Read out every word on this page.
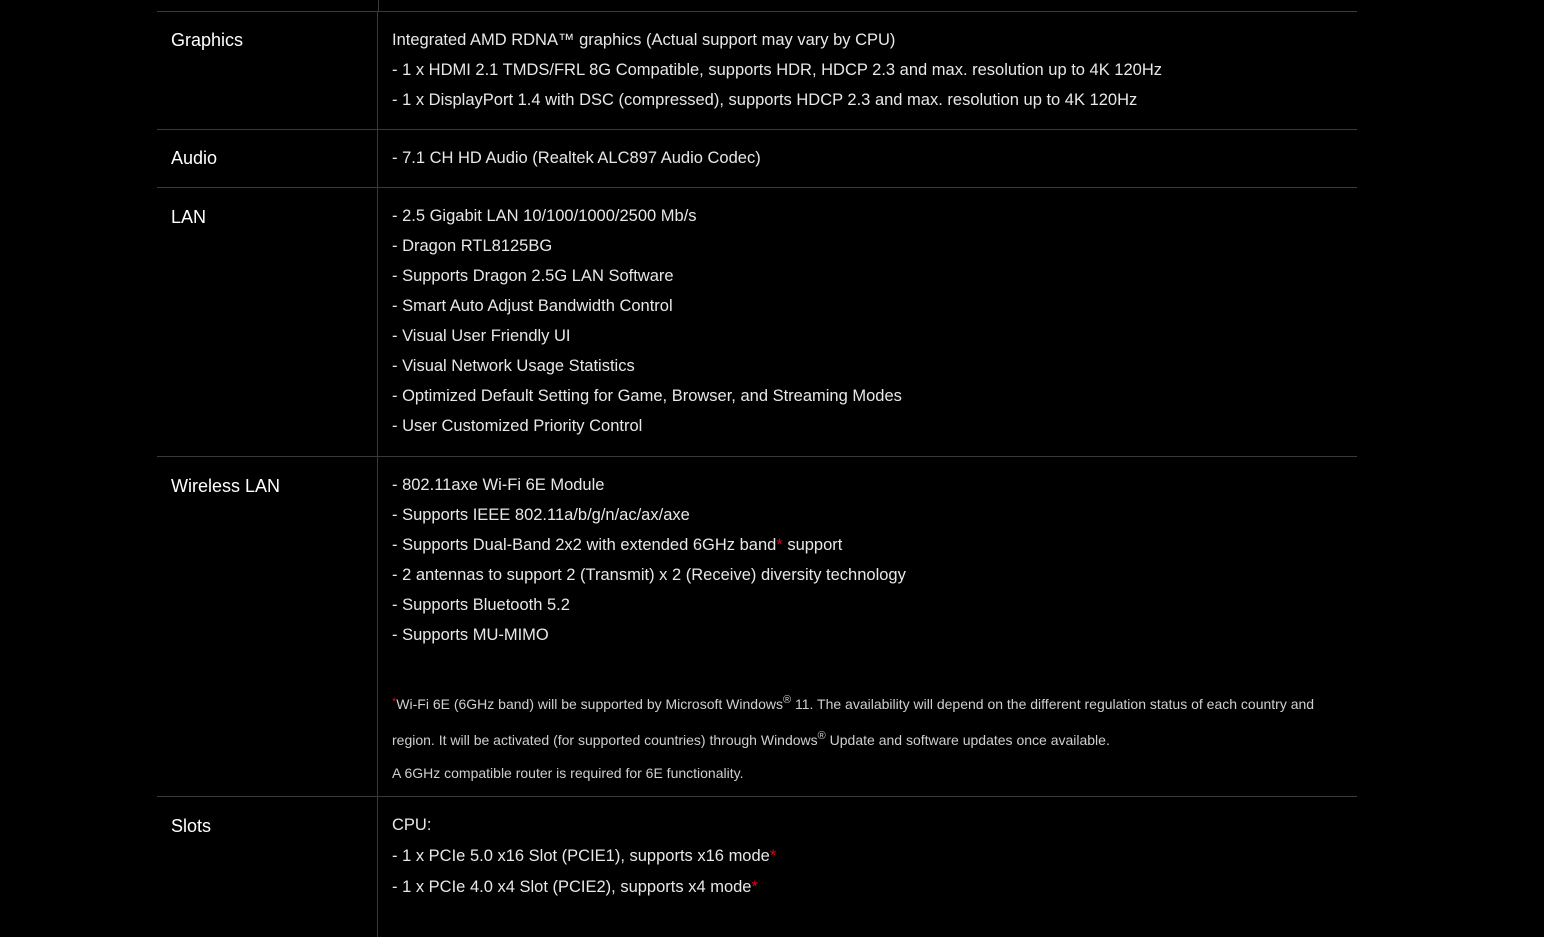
Graphics	Integrated AMD RDNA™ graphics (Actual support may vary by CPU)
- 1 x HDMI 2.1 TMDS/FRL 8G Compatible, supports HDR, HDCP 2.3 and max. resolution up to 4K 120Hz
- 1 x DisplayPort 1.4 with DSC (compressed), supports HDCP 2.3 and max. resolution up to 4K 120Hz
Audio	- 7.1 CH HD Audio (Realtek ALC897 Audio Codec)
LAN	- 2.5 Gigabit LAN 10/100/1000/2500 Mb/s
- Dragon RTL8125BG
- Supports Dragon 2.5G LAN Software
- Smart Auto Adjust Bandwidth Control
- Visual User Friendly UI
- Visual Network Usage Statistics
- Optimized Default Setting for Game, Browser, and Streaming Modes
- User Customized Priority Control
Wireless LAN	- 802.11axe Wi-Fi 6E Module
- Supports IEEE 802.11a/b/g/n/ac/ax/axe
- Supports Dual-Band 2x2 with extended 6GHz band* support
- 2 antennas to support 2 (Transmit) x 2 (Receive) diversity technology
- Supports Bluetooth 5.2
- Supports MU-MIMO
*Wi-Fi 6E (6GHz band) will be supported by Microsoft Windows® 11. The availability will depend on the different regulation status of each country and
region. It will be activated (for supported countries) through Windows® Update and software updates once available.
A 6GHz compatible router is required for 6E functionality.
Slots	CPU:
- 1 x PCIe 5.0 x16 Slot (PCIE1), supports x16 mode*
- 1 x PCIe 4.0 x4 Slot (PCIE2), supports x4 mode*
